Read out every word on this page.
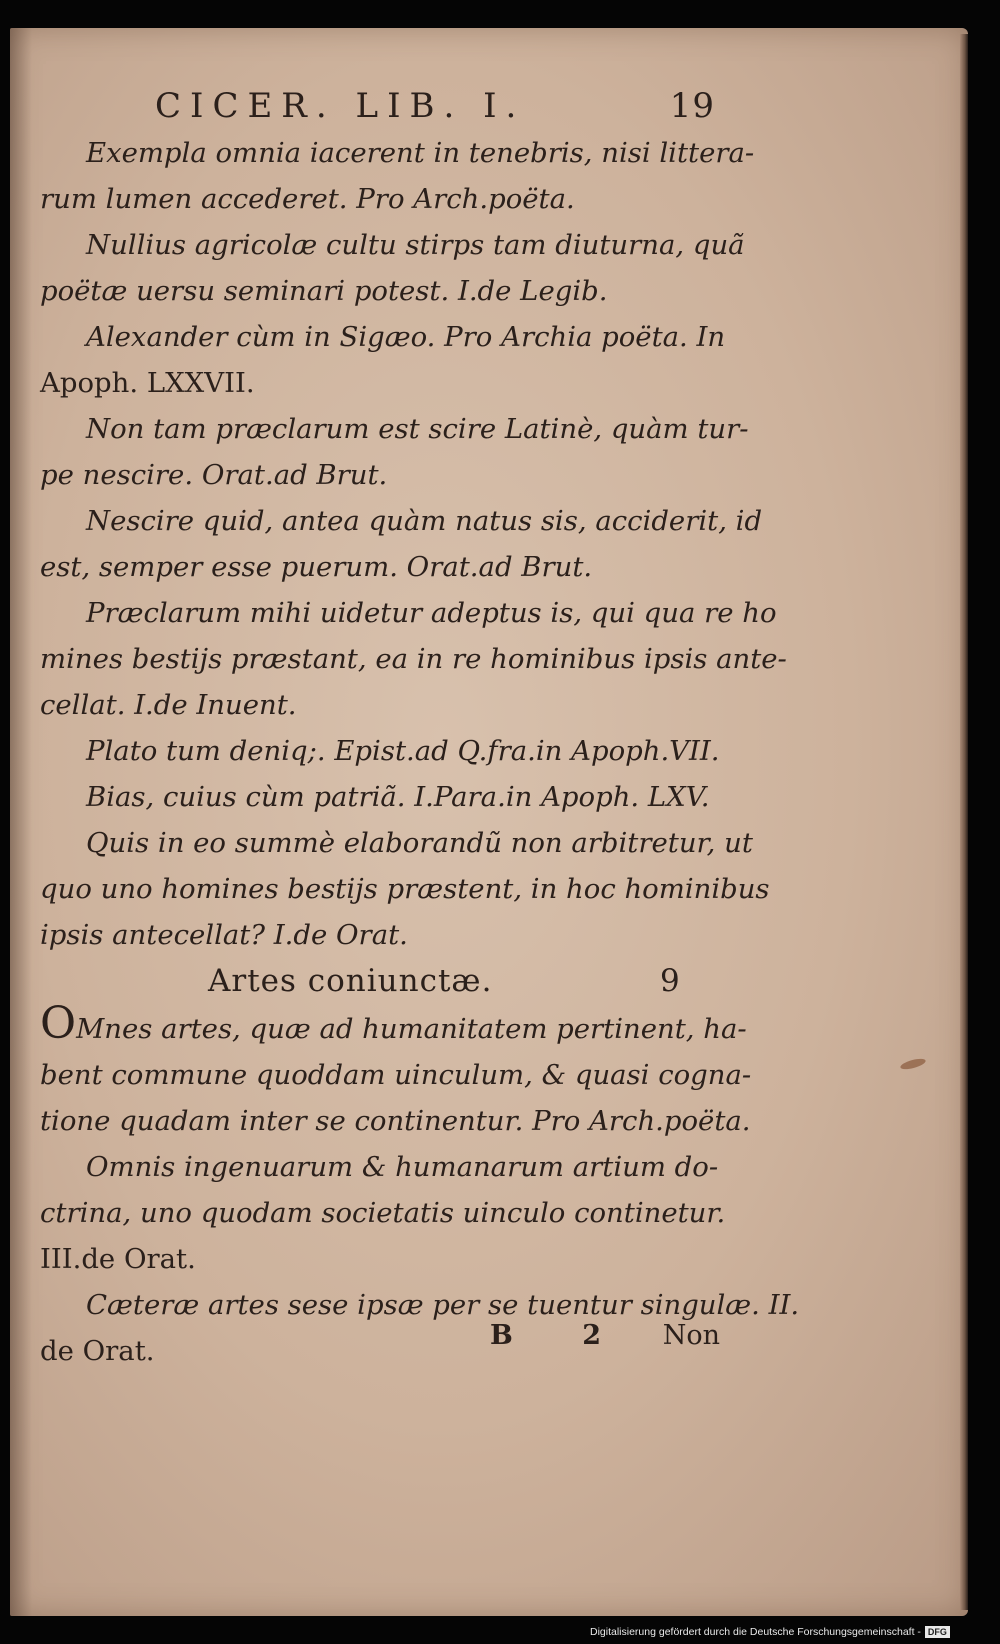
CICER. LIB. I.	19
Exempla omnia iacerent in tenebris, nisi littera-
rum lumen accederet. Pro Arch.poëta.
Nullius agricolæ cultu stirps tam diuturna, quã
poëtæ uersu seminari potest. I.de Legib.
Alexander cùm in Sigæo. Pro Archia poëta. In
Apoph. LXXVII.
Non tam præclarum est scire Latinè, quàm tur-
pe nescire. Orat.ad Brut.
Nescire quid, antea quàm natus sis, acciderit, id
est, semper esse puerum. Orat.ad Brut.
Præclarum mihi uidetur adeptus is, qui qua re ho
mines bestijs præstant, ea in re hominibus ipsis ante-
cellat. I.de Inuent.
Plato tum deniq;. Epist.ad Q.fra.in Apoph.VII.
Bias, cuius cùm patriã. I.Para.in Apoph. LXV.
Quis in eo summè elaborandũ non arbitretur, ut
quo uno homines bestijs præstent, in hoc hominibus
ipsis antecellat? I.de Orat.
Artes coniunctæ.	9
OMnes artes, quæ ad humanitatem pertinent, ha-
bent commune quoddam uinculum, & quasi cogna-
tione quadam inter se continentur. Pro Arch.poëta.
Omnis ingenuarum & humanarum artium do-
ctrina, uno quodam societatis uinculo continetur.
III.de Orat.
Cæteræ artes sese ipsæ per se tuentur singulæ. II.
de Orat.	B 2 Non
Digitalisierung gefördert durch die Deutsche Forschungsgemeinschaft - DFG
